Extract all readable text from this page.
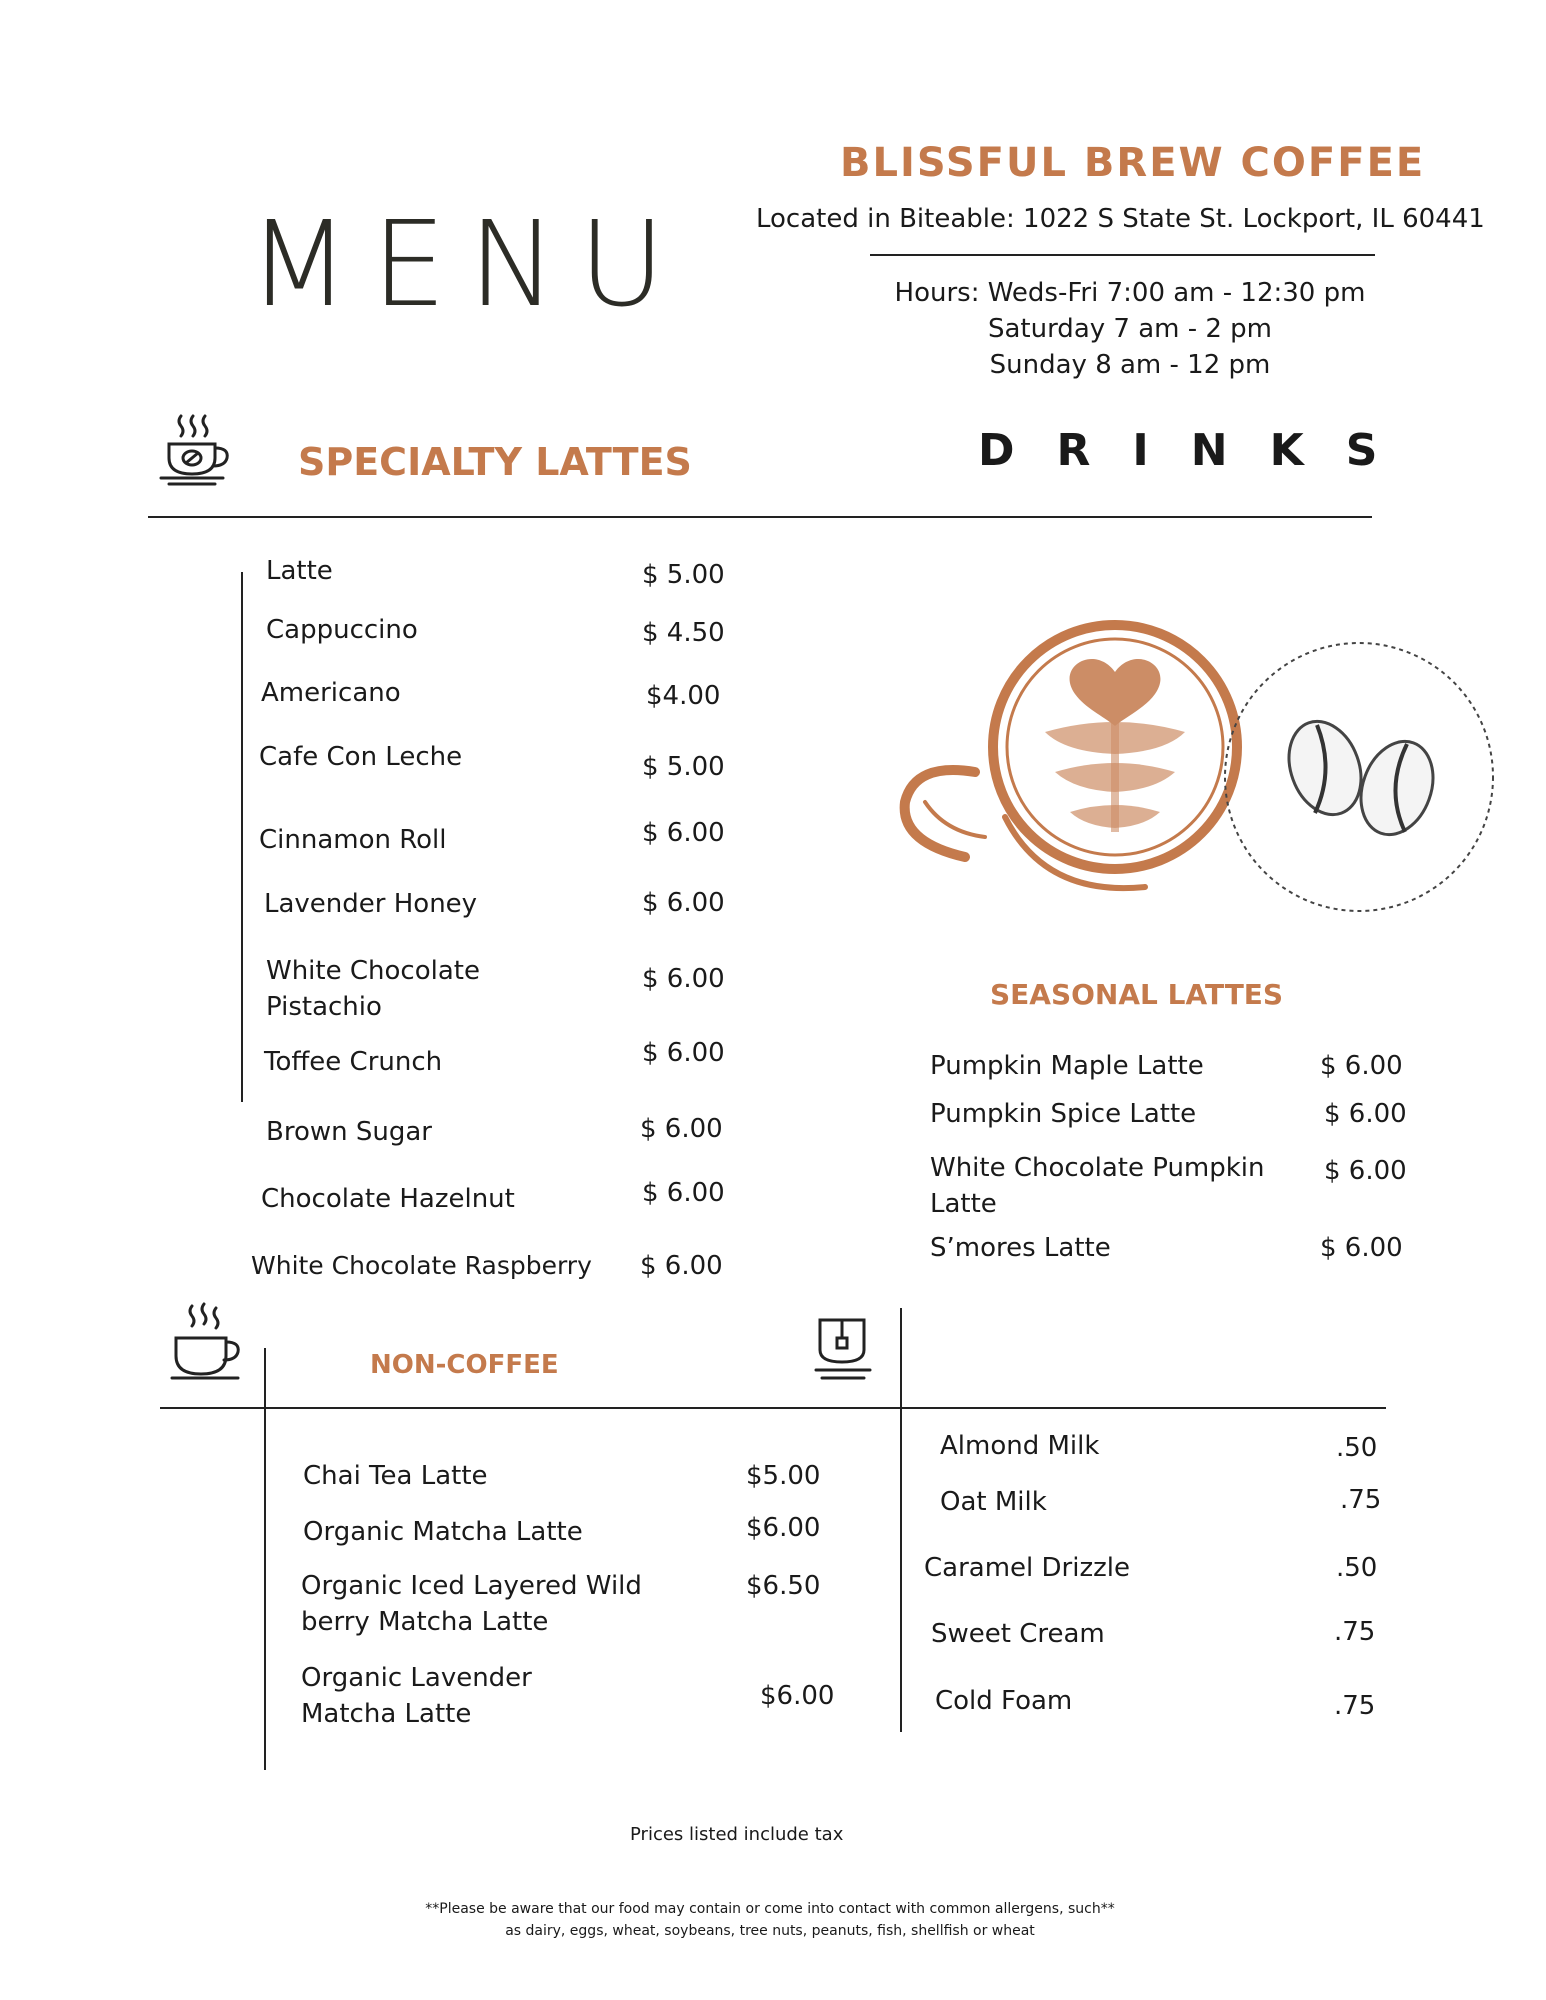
MENU
BLISSFUL BREW COFFEE
Located in Biteable: 1022 S State St. Lockport, IL 60441
Hours: Weds-Fri 7:00 am - 12:30 pm
Saturday 7 am - 2 pm
Sunday 8 am - 12 pm
DRINKS
SPECIALTY LATTES
Latte	$ 5.00
Cappuccino	$ 4.50
Americano	$4.00
Cafe Con Leche	$ 5.00
Cinnamon Roll	$ 6.00
Lavender Honey	$ 6.00
White Chocolate Pistachio
$ 6.00
Toffee Crunch	$ 6.00
Brown Sugar	$ 6.00
Chocolate Hazelnut	$ 6.00
White Chocolate Raspberry $ 6.00
SEASONAL LATTES
Pumpkin Maple Latte	$ 6.00
Pumpkin Spice Latte	$ 6.00
White Chocolate Pumpkin Latte
$ 6.00
S’mores Latte	$ 6.00
NON-COFFEE
Chai Tea Latte	$5.00
Organic Matcha Latte	$6.00
Organic Iced Layered Wild berry Matcha Latte
$6.50
Organic Lavender Matcha Latte
$6.00
Almond Milk	.50
Oat Milk	.75
Caramel Drizzle	.50
Sweet Cream	.75
Cold Foam	.75
Prices listed include tax
**Please be aware that our food may contain or come into contact with common allergens, such**
as dairy, eggs, wheat, soybeans, tree nuts, peanuts, fish, shellfish or wheat
